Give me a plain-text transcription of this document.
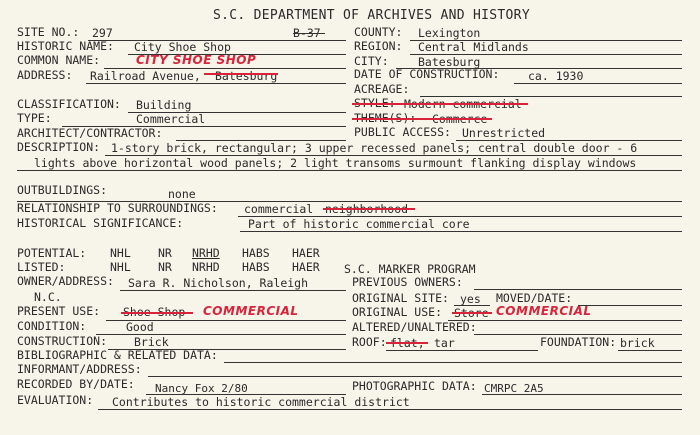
S.C. DEPARTMENT OF ARCHIVES AND HISTORY
SITE NO.: 297	B-37
HISTORIC NAME: City Shoe Shop
COMMON NAME:	CITY SHOE SHOP
ADDRESS: Railroad Avenue, Batesburg
COUNTY: Lexington
REGION: Central Midlands
CITY:	Batesburg
DATE OF CONSTRUCTION: ca. 1930
ACREAGE:
CLASSIFICATION: Building	STYLE: Modern commercial
TYPE:	Commercial	THEME(S): Commerce
ARCHITECT/CONTRACTOR:	PUBLIC ACCESS: Unrestricted
DESCRIPTION: 1-story brick, rectangular; 3 upper recessed panels; central double door - 6
lights above horizontal wood panels; 2 light transoms surmount flanking display windows
OUTBUILDINGS:	none
RELATIONSHIP TO SURROUNDINGS: commercial neighborhood
HISTORICAL SIGNIFICANCE:	Part of historic commercial core
POTENTIAL: NHL NR NRHD HABS HAER
LISTED:	NHL NR NRHD HABS HAER S.C. MARKER PROGRAM
OWNER/ADDRESS: Sara R. Nicholson, Raleigh
N.C.
PREVIOUS OWNERS:
ORIGINAL SITE: yes MOVED/DATE:
PRESENT USE: Shoe Shop COMMERCIAL	ORIGINAL USE: Store COMMERCIAL
CONDITION:	Good	ALTERED/UNALTERED:
CONSTRUCTION: Brick	ROOF: flat, tar	FOUNDATION: brick
BIBLIOGRAPHIC & RELATED DATA:
INFORMANT/ADDRESS:
RECORDED BY/DATE: Nancy Fox 2/80	PHOTOGRAPHIC DATA: CMRPC 2A5
EVALUATION: Contributes to historic commercial district
